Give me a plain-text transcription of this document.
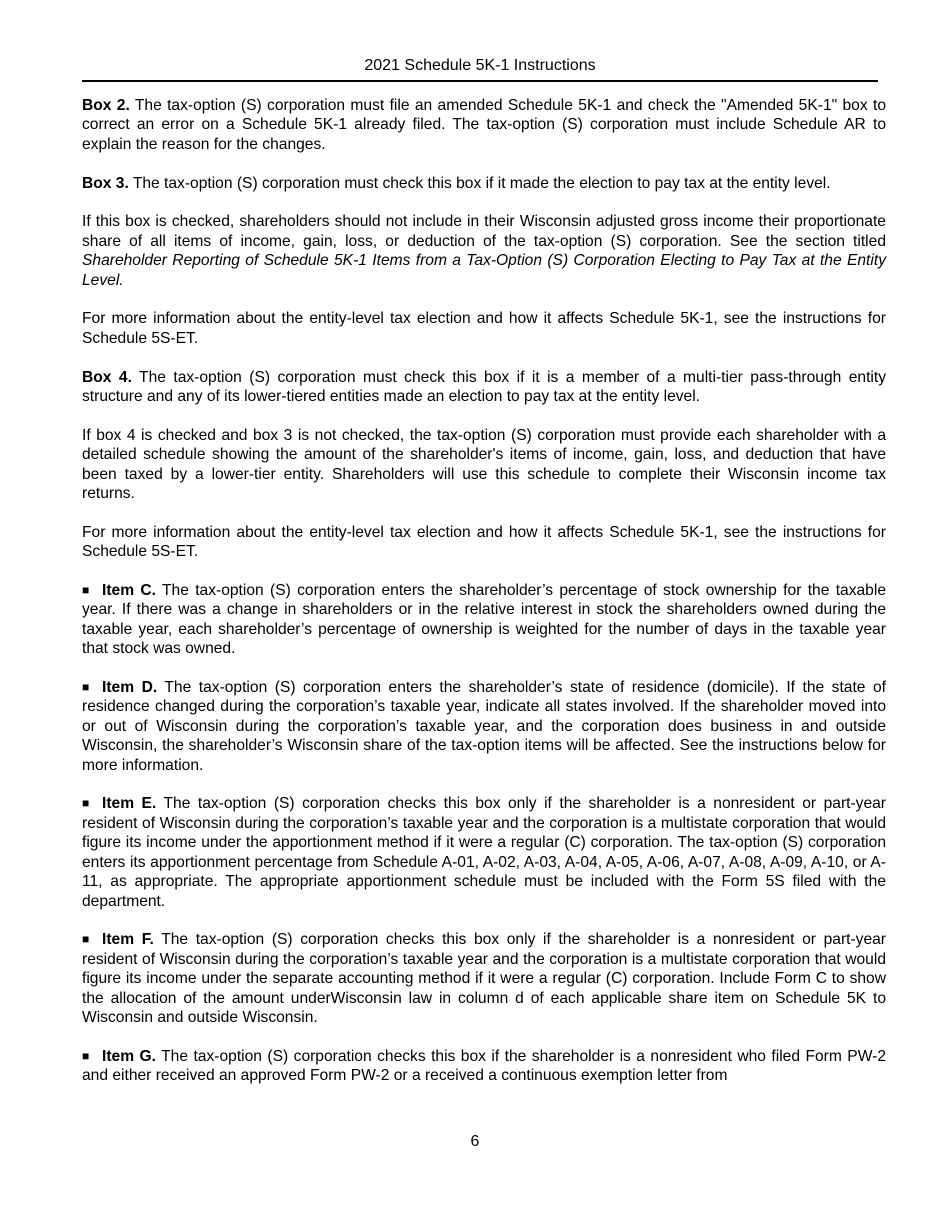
2021 Schedule 5K-1 Instructions

Box 2. The tax-option (S) corporation must file an amended Schedule 5K-1 and check the "Amended 5K-1" box to correct an error on a Schedule 5K-1 already filed. The tax-option (S) corporation must include Schedule AR to explain the reason for the changes.

Box 3. The tax-option (S) corporation must check this box if it made the election to pay tax at the entity level.

If this box is checked, shareholders should not include in their Wisconsin adjusted gross income their proportionate share of all items of income, gain, loss, or deduction of the tax-option (S) corporation. See the section titled Shareholder Reporting of Schedule 5K-1 Items from a Tax-Option (S) Corporation Electing to Pay Tax at the Entity Level.

For more information about the entity-level tax election and how it affects Schedule 5K-1, see the instructions for Schedule 5S-ET.

Box 4. The tax-option (S) corporation must check this box if it is a member of a multi-tier pass-through entity structure and any of its lower-tiered entities made an election to pay tax at the entity level.

If box 4 is checked and box 3 is not checked, the tax-option (S) corporation must provide each shareholder with a detailed schedule showing the amount of the shareholder's items of income, gain, loss, and deduction that have been taxed by a lower-tier entity. Shareholders will use this schedule to complete their Wisconsin income tax returns.

For more information about the entity-level tax election and how it affects Schedule 5K-1, see the instructions for Schedule 5S-ET.

■ Item C. The tax-option (S) corporation enters the shareholder’s percentage of stock ownership for the taxable year. If there was a change in shareholders or in the relative interest in stock the shareholders owned during the taxable year, each shareholder’s percentage of ownership is weighted for the number of days in the taxable year that stock was owned.

■ Item D. The tax-option (S) corporation enters the shareholder’s state of residence (domicile). If the state of residence changed during the corporation’s taxable year, indicate all states involved. If the shareholder moved into or out of Wisconsin during the corporation’s taxable year, and the corporation does business in and outside Wisconsin, the shareholder’s Wisconsin share of the tax-option items will be affected. See the instructions below for more information.

■ Item E. The tax-option (S) corporation checks this box only if the shareholder is a nonresident or part-year resident of Wisconsin during the corporation’s taxable year and the corporation is a multistate corporation that would figure its income under the apportionment method if it were a regular (C) corporation. The tax-option (S) corporation enters its apportionment percentage from Schedule A-01, A-02, A-03, A-04, A-05, A-06, A-07, A-08, A-09, A-10, or A-11, as appropriate. The appropriate apportionment schedule must be included with the Form 5S filed with the department.

■ Item F. The tax-option (S) corporation checks this box only if the shareholder is a nonresident or part-year resident of Wisconsin during the corporation’s taxable year and the corporation is a multistate corporation that would figure its income under the separate accounting method if it were a regular (C) corporation. Include Form C to show the allocation of the amount underWisconsin law in column d of each applicable share item on Schedule 5K to Wisconsin and outside Wisconsin.

■ Item G. The tax-option (S) corporation checks this box if the shareholder is a nonresident who filed Form PW-2 and either received an approved Form PW-2 or a received a continuous exemption letter from

6
